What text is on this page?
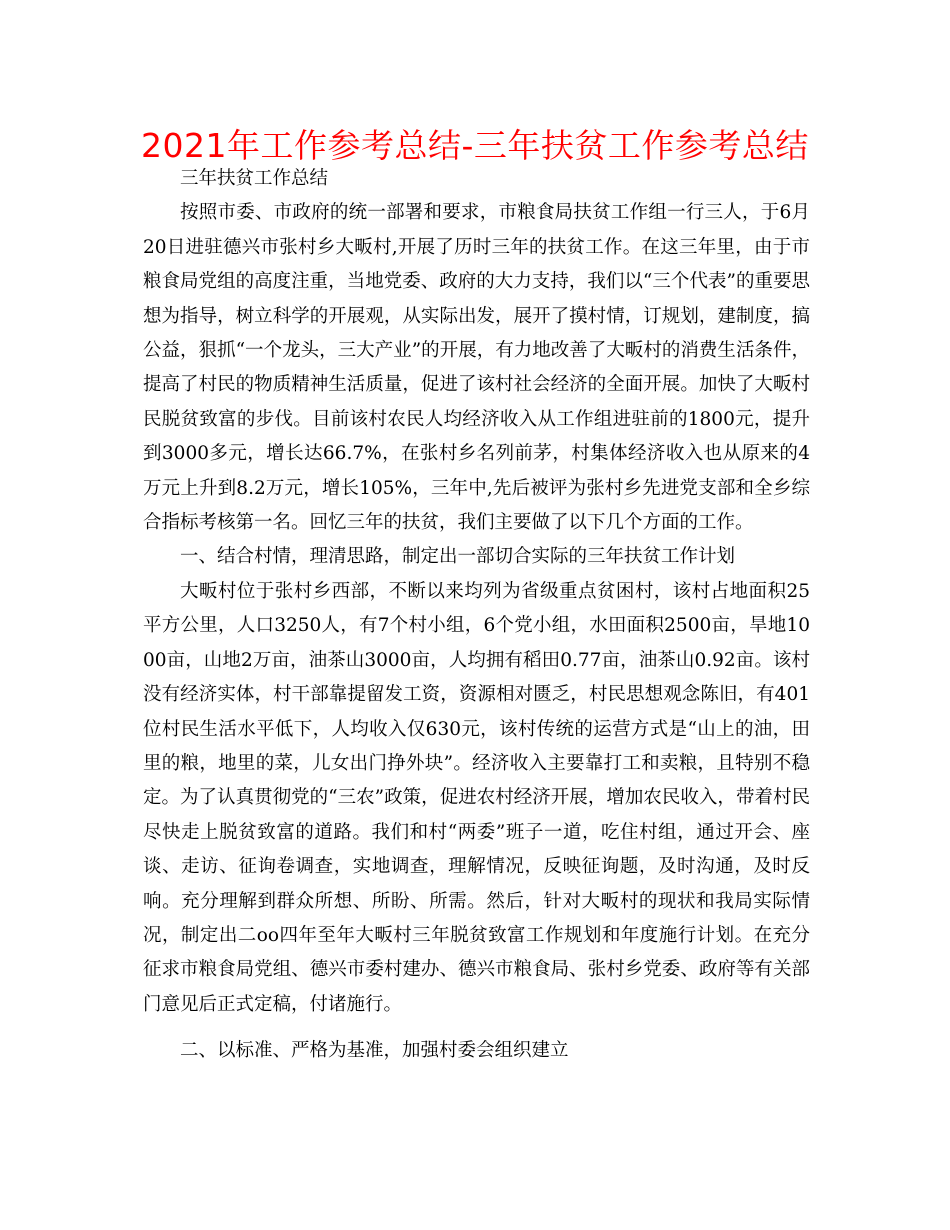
2021年工作参考总结-三年扶贫工作参考总结

三年扶贫工作总结

按照市委、市政府的统一部署和要求，市粮食局扶贫工作组一行三人，于6月20日进驻德兴市张村乡大畈村,开展了历时三年的扶贫工作。在这三年里，由于市粮食局党组的高度注重，当地党委、政府的大力支持，我们以“三个代表”的重要思想为指导，树立科学的开展观，从实际出发，展开了摸村情，订规划，建制度，搞公益，狠抓“一个龙头，三大产业”的开展，有力地改善了大畈村的消费生活条件，提高了村民的物质精神生活质量，促进了该村社会经济的全面开展。加快了大畈村民脱贫致富的步伐。目前该村农民人均经济收入从工作组进驻前的1800元，提升到3000多元，增长达66.7%，在张村乡名列前茅，村集体经济收入也从原来的4万元上升到8.2万元，增长105%，三年中,先后被评为张村乡先进党支部和全乡综合指标考核第一名。回忆三年的扶贫，我们主要做了以下几个方面的工作。

一、结合村情，理清思路，制定出一部切合实际的三年扶贫工作计划

大畈村位于张村乡西部，不断以来均列为省级重点贫困村，该村占地面积25平方公里，人口3250人，有7个村小组，6个党小组，水田面积2500亩，旱地1000亩，山地2万亩，油茶山3000亩，人均拥有稻田0.77亩，油茶山0.92亩。该村没有经济实体，村干部靠提留发工资，资源相对匮乏，村民思想观念陈旧，有401位村民生活水平低下，人均收入仅630元，该村传统的运营方式是“山上的油，田里的粮，地里的菜，儿女出门挣外块”。经济收入主要靠打工和卖粮，且特别不稳定。为了认真贯彻党的“三农”政策，促进农村经济开展，增加农民收入，带着村民尽快走上脱贫致富的道路。我们和村“两委”班子一道，吃住村组，通过开会、座谈、走访、征询卷调查，实地调查，理解情况，反映征询题，及时沟通，及时反响。充分理解到群众所想、所盼、所需。然后，针对大畈村的现状和我局实际情况，制定出二oo四年至年大畈村三年脱贫致富工作规划和年度施行计划。在充分征求市粮食局党组、德兴市委村建办、德兴市粮食局、张村乡党委、政府等有关部门意见后正式定稿，付诸施行。

二、以标准、严格为基准，加强村委会组织建立
